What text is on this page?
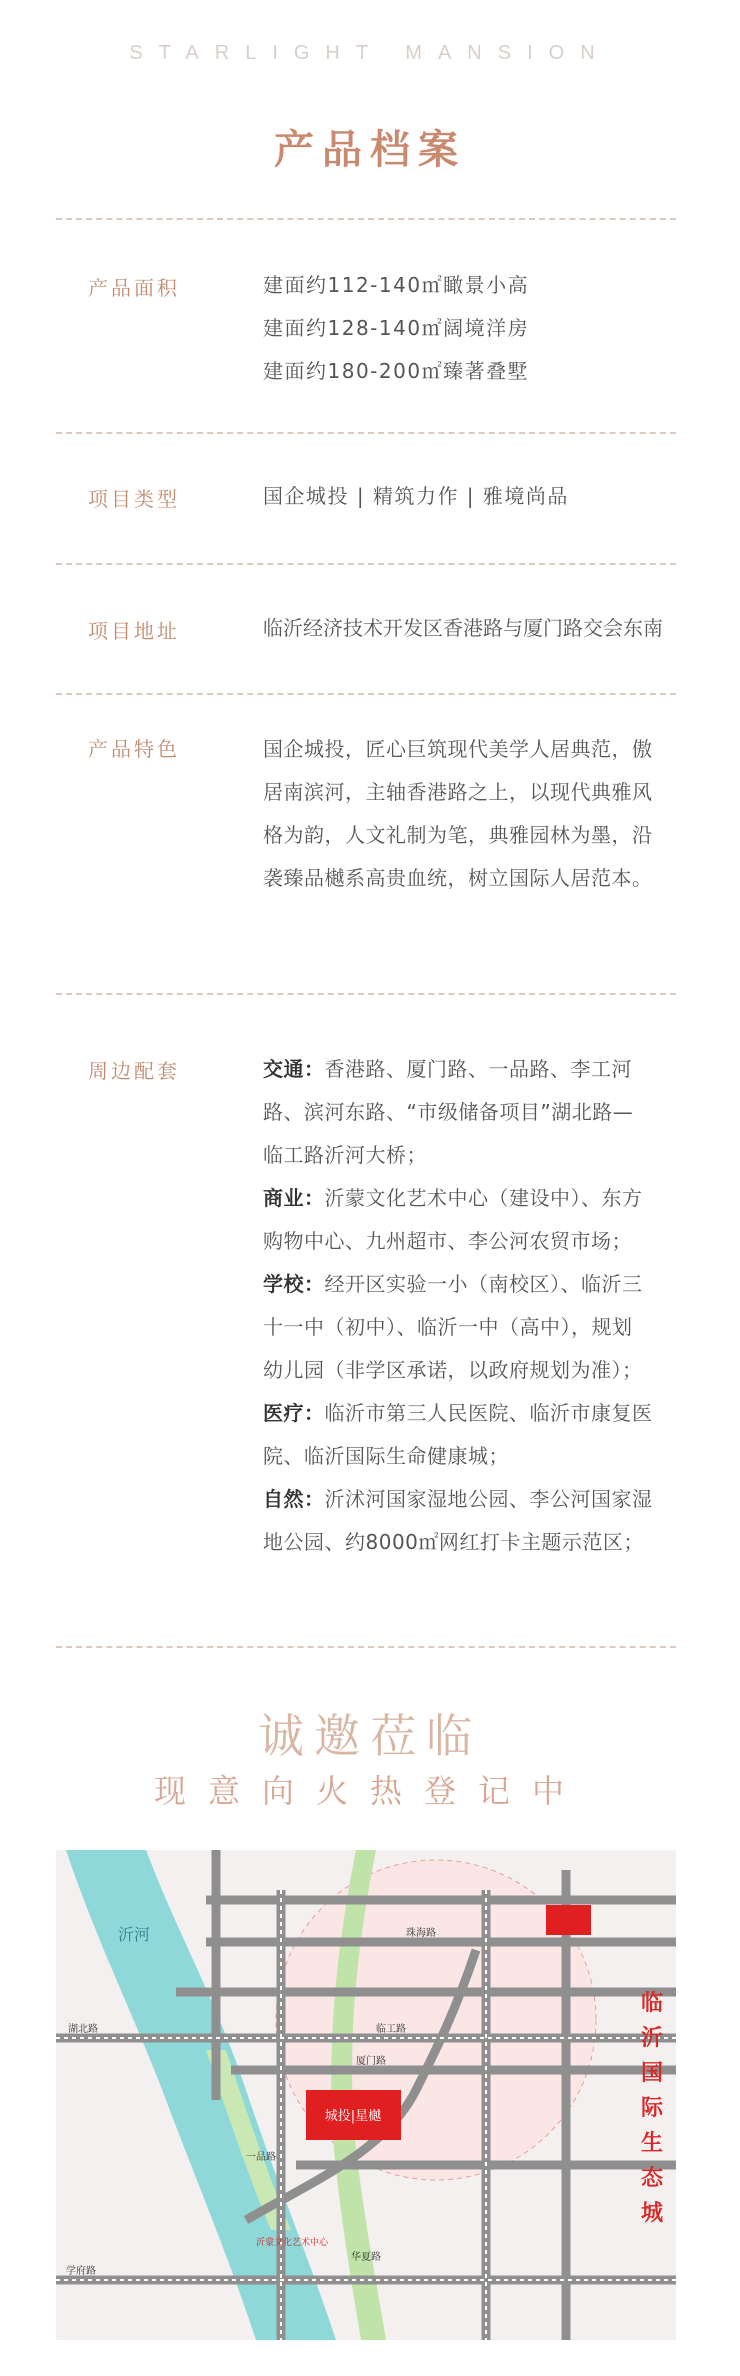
STARLIGHT MANSION
产品档案
产品面积	建面约112-140㎡瞰景小高
建面约128-140㎡阔境洋房
建面约180-200㎡臻著叠墅
项目类型	国企城投 | 精筑力作 | 雅境尚品
项目地址	临沂经济技术开发区香港路与厦门路交会东南
产品特色	国企城投，匠心巨筑现代美学人居典范，傲
居南滨河，主轴香港路之上，以现代典雅风
格为韵，人文礼制为笔，典雅园林为墨，沿
袭臻品樾系高贵血统，树立国际人居范本。
周边配套	交通：香港路、厦门路、一品路、李工河
路、滨河东路、“市级储备项目”湖北路—
临工路沂河大桥；
商业：沂蒙文化艺术中心（建设中）、东方
购物中心、九州超市、李公河农贸市场；
学校：经开区实验一小（南校区）、临沂三
十一中（初中）、临沂一中（高中），规划
幼儿园（非学区承诺，以政府规划为准）；
医疗：临沂市第三人民医院、临沂市康复医
院、临沂国际生命健康城；
自然：沂沭河国家湿地公园、李公河国家湿
地公园、约8000㎡网红打卡主题示范区；
诚邀莅临
现意向火热登记中
城投|星樾
沂河
湖北路
一品路
厦门路
临工路
珠海路
学府路
华夏路
沂蒙文化艺术中心
临
沂
国
际
生
态
城
